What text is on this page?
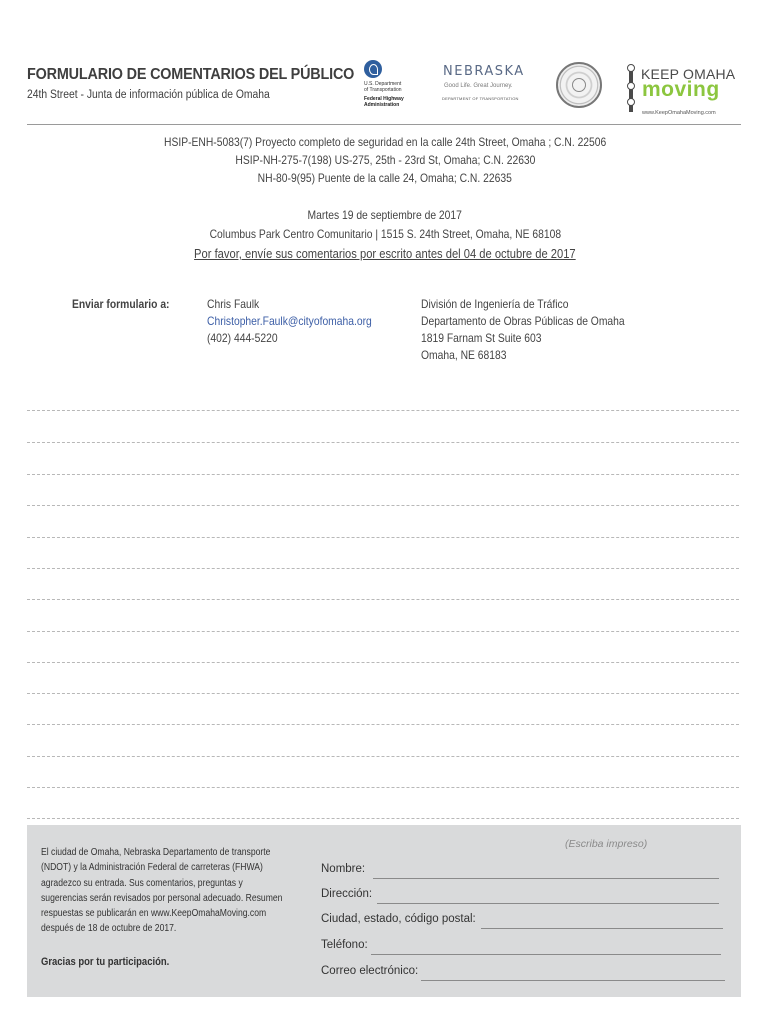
FORMULARIO DE COMENTARIOS DEL PÚBLICO
24th Street - Junta de información pública de Omaha
U.S. Department
of Transportation
Federal Highway
Administration
NEBRASKA
Good Life. Great Journey.
DEPARTMENT OF TRANSPORTATION
KEEP OMAHA
moving
www.KeepOmahaMoving.com
HSIP-ENH-5083(7) Proyecto completo de seguridad en la calle 24th Street, Omaha ; C.N. 22506
HSIP-NH-275-7(198) US-275, 25th - 23rd St, Omaha; C.N. 22630
NH-80-9(95) Puente de la calle 24, Omaha; C.N. 22635
Martes 19 de septiembre de 2017
Columbus Park Centro Comunitario | 1515 S. 24th Street, Omaha, NE 68108
Por favor, envíe sus comentarios por escrito antes del 04 de octubre de 2017
Enviar formulario a:	Chris Faulk
Christopher.Faulk@cityofomaha.org
(402) 444-5220
División de Ingeniería de Tráfico
Departamento de Obras Públicas de Omaha
1819 Farnam St Suite 603
Omaha, NE 68183

El ciudad de Omaha, Nebraska Departamento de transporte

(NDOT) y la Administración Federal de carreteras (FHWA)

agradezco su entrada. Sus comentarios, preguntas y

sugerencias serán revisados por personal adecuado. Resumen

respuestas se publicarán en www.KeepOmahaMoving.com

después de 18 de octubre de 2017.

Gracias por tu participación.
(Escriba impreso)
Nombre:
Dirección:
Ciudad, estado, código postal:
Teléfono:
Correo electrónico:
